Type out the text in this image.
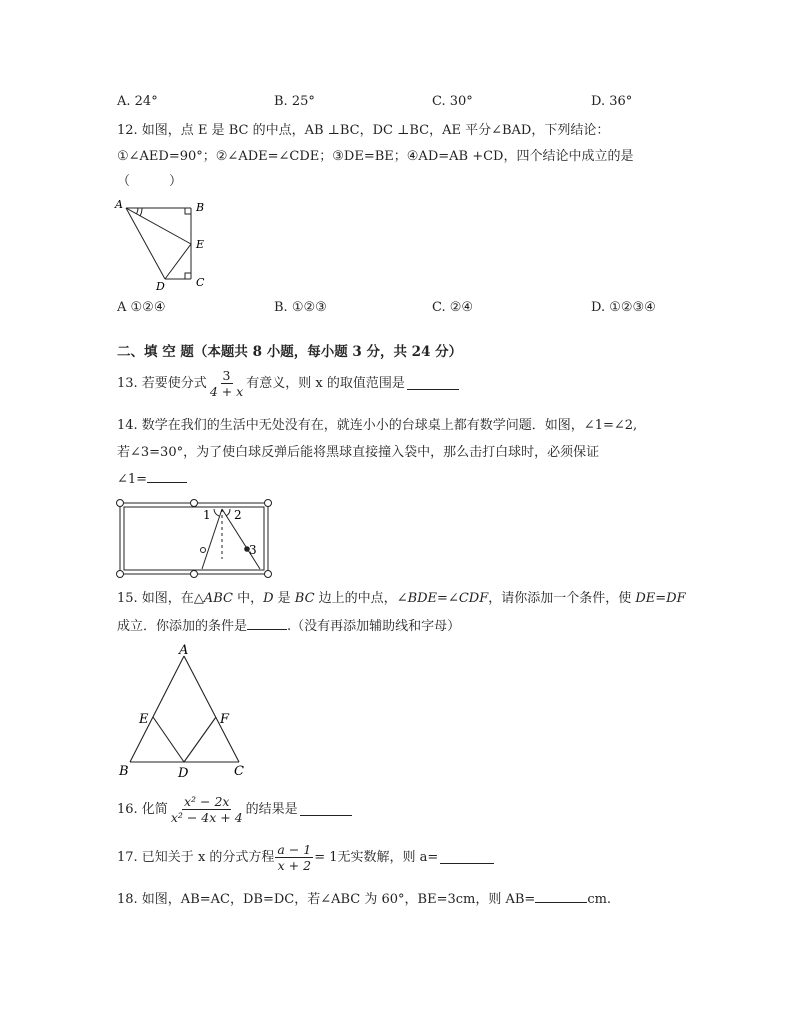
A. 24°	B. 25°	C. 30°	D. 36°
12. 如图，点 E 是 BC 的中点，AB ⊥BC，DC ⊥BC，AE 平分∠BAD，下列结论：
①∠AED=90°；②∠ADE=∠CDE；③DE=BE；④AD=AB +CD，四个结论中成立的是
（　　　）
A	B
E
D	C
A ①②④	B. ①②③	C. ②④	D. ①②③④
二、填 空 题（本题共 8 小题，每小题 3 分，共 24 分）
13. 若要使分式 $\frac{3}{4 + x}$ 有意义，则 x 的取值范围是
14. 数学在我们的生活中无处没有在，就连小小的台球桌上都有数学问题．如图，∠1=∠2,
若∠3=30°，为了使白球反弹后能将黑球直接撞入袋中，那么击打白球时，必须保证
∠1=
1 2
3
15. 如图，在△ABC 中，D 是 BC 边上的中点，∠BDE=∠CDF，请你添加一个条件，使 DE=DF
成立．你添加的条件是	.（没有再添加辅助线和字母）
A
E	F
B	D	C
16. 化简 $\frac{\text{x² − 2x}}{\text{x² − 4x + 4}}$ 的结果是
17. 已知关于 x 的分式方程 $\frac{a - 1}{x + 2} = 1$ 无实数解，则 a=
18. 如图，AB=AC，DB=DC，若∠ABC 为 60°，BE=3cm，则 AB=	cm.
